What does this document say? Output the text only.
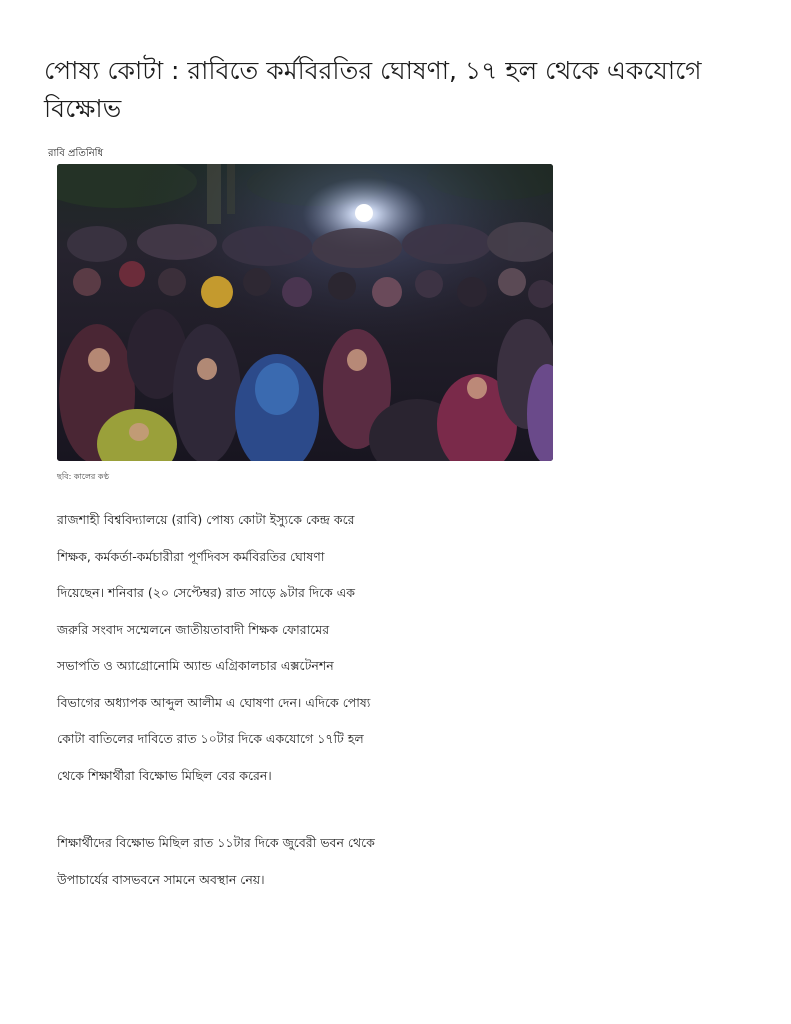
পোষ্য কোটা : রাবিতে কর্মবিরতির ঘোষণা, ১৭ হল থেকে একযোগে বিক্ষোভ
রাবি প্রতিনিধি
ছবি: কালের কণ্ঠ
রাজশাহী বিশ্ববিদ্যালয়ে (রাবি) পোষ্য কোটা ইস্যুকে কেন্দ্র করে
শিক্ষক, কর্মকর্তা-কর্মচারীরা পূর্ণদিবস কর্মবিরতির ঘোষণা
দিয়েছেন। শনিবার (২০ সেপ্টেম্বর) রাত সাড়ে ৯টার দিকে এক
জরুরি সংবাদ সম্মেলনে জাতীয়তাবাদী শিক্ষক ফোরামের
সভাপতি ও অ্যাগ্রোনোমি অ্যান্ড এগ্রিকালচার এক্সটেনশন
বিভাগের অধ্যাপক আব্দুল আলীম এ ঘোষণা দেন। এদিকে পোষ্য
কোটা বাতিলের দাবিতে রাত ১০টার দিকে একযোগে ১৭টি হল
থেকে শিক্ষার্থীরা বিক্ষোভ মিছিল বের করেন।
শিক্ষার্থীদের বিক্ষোভ মিছিল রাত ১১টার দিকে জুবেরী ভবন থেকে
উপাচার্যের বাসভবনে সামনে অবস্থান নেয়।
